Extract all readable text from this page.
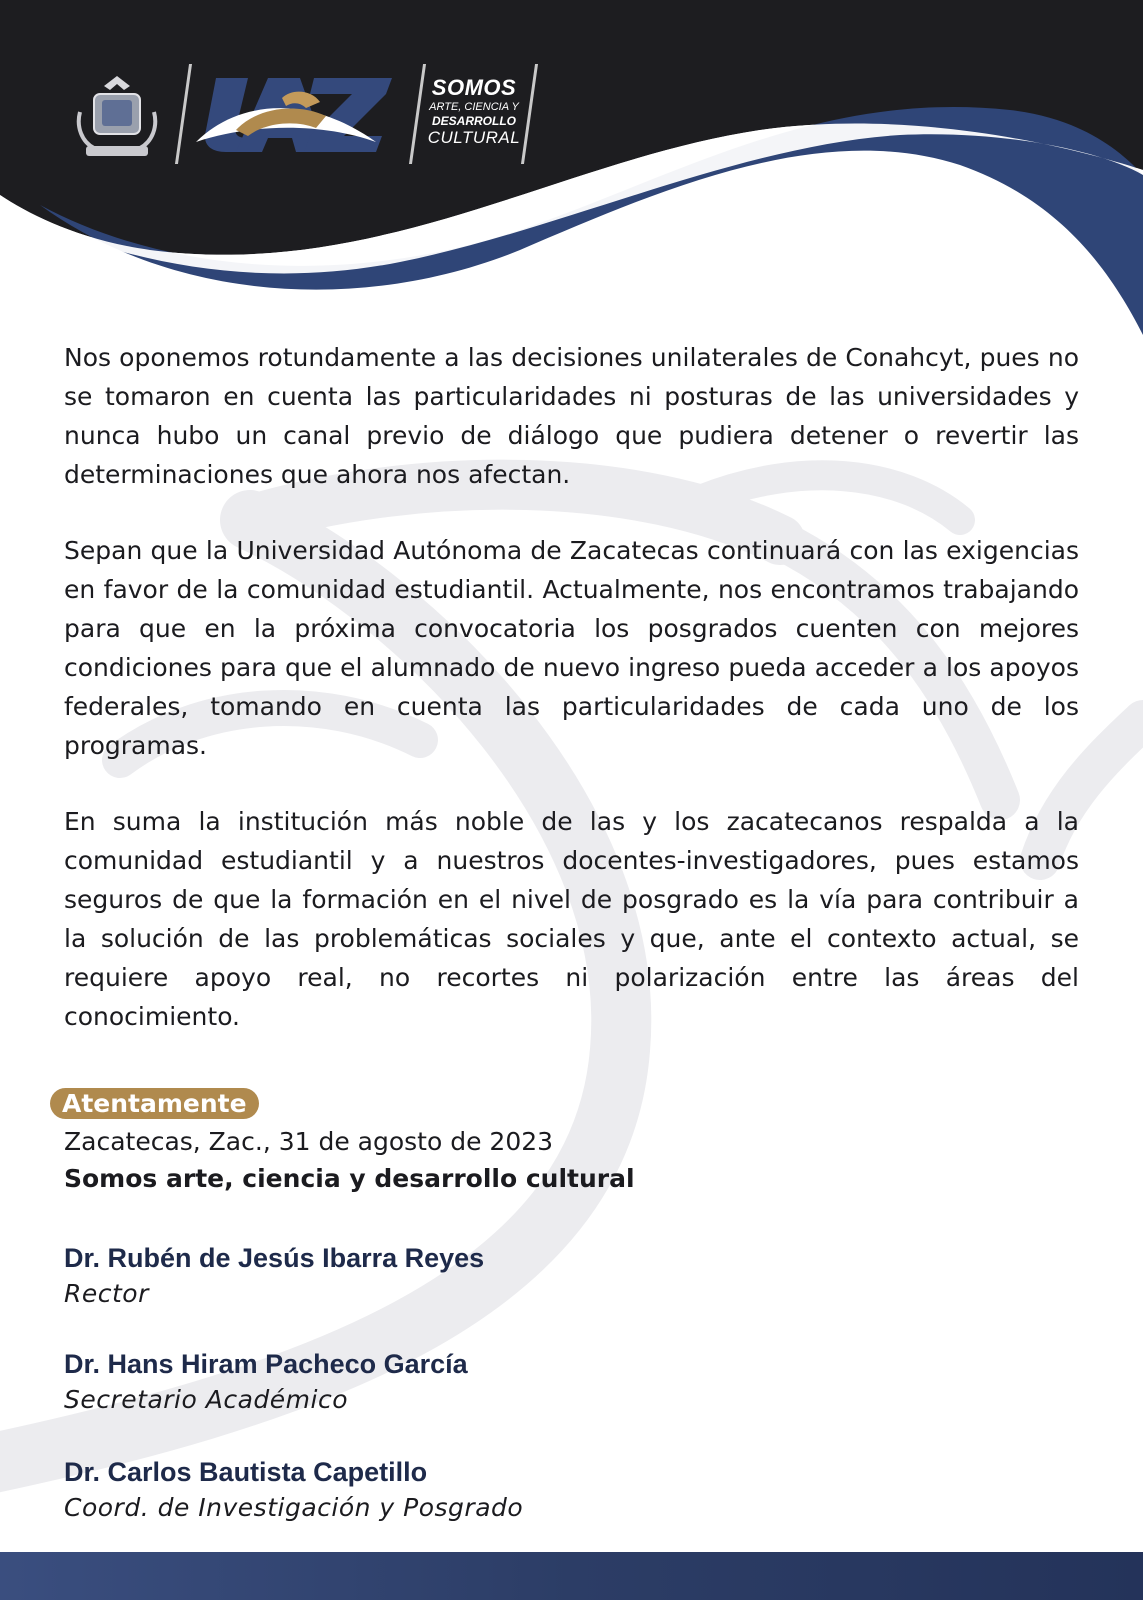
SOMOS
ARTE, CIENCIA Y
DESARROLLO
CULTURAL

Nos oponemos rotundamente a las decisiones unilaterales de Conahcyt, pues no se tomaron en cuenta las particularidades ni posturas de las universidades y nunca hubo un canal previo de diálogo que pudiera detener o revertir las determinaciones que ahora nos afectan.

Sepan que la Universidad Autónoma de Zacatecas continuará con las exigencias en favor de la comunidad estudiantil. Actualmente, nos encontramos trabajando para que en la próxima convocatoria los posgrados cuenten con mejores condiciones para que el alumnado de nuevo ingreso pueda acceder a los apoyos federales, tomando en cuenta las particularidades de cada uno de los programas.

En suma la institución más noble de las y los zacatecanos respalda a la comunidad estudiantil y a nuestros docentes-investigadores, pues estamos seguros de que la formación en el nivel de posgrado es la vía para contribuir a la solución de las problemáticas sociales y que, ante el contexto actual, se requiere apoyo real, no recortes ni polarización entre las áreas del conocimiento.

Atentamente
Zacatecas, Zac., 31 de agosto de 2023
Somos arte, ciencia y desarrollo cultural
Dr. Rubén de Jesús Ibarra Reyes
Rector
Dr. Hans Hiram Pacheco García
Secretario Académico
Dr. Carlos Bautista Capetillo
Coord. de Investigación y Posgrado
